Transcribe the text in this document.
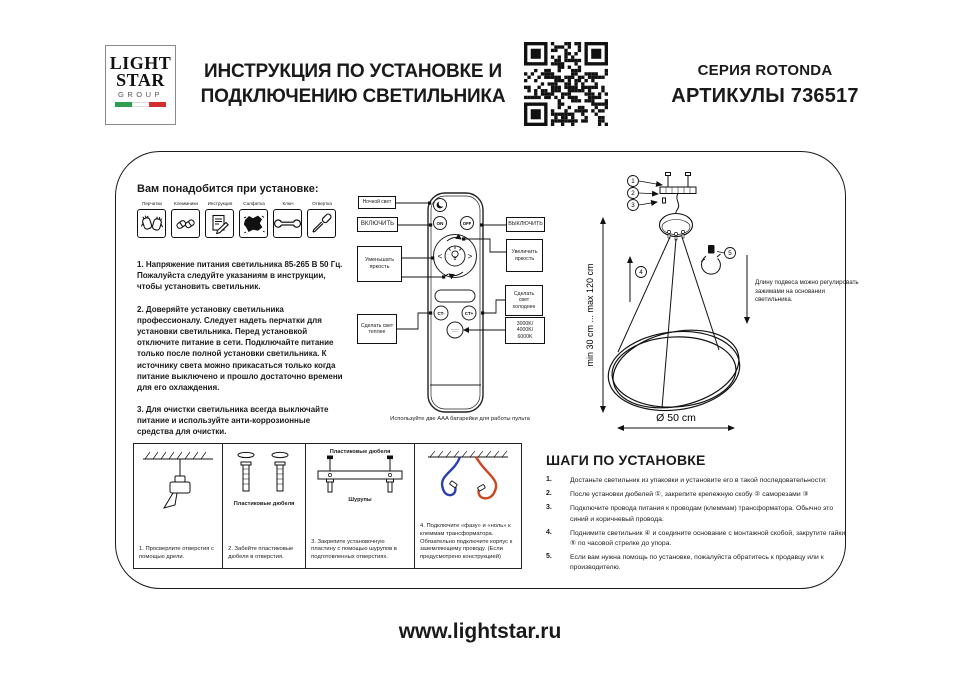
LIGHT
STAR
GROUP
ИНСТРУКЦИЯ ПО УСТАНОВКЕ И
ПОДКЛЮЧЕНИЮ СВЕТИЛЬНИКА
СЕРИЯ ROTONDA
АРТИКУЛЫ 736517
Вам понадобится при установке:
Перчатки	Клеммники	Инструкция	Салфетка	Ключ	Отвертка

1. Напряжение питания светильника 85-265 В 50 Гц. Пожалуйста следуйте указаниям в инструкции, чтобы установить светильник.

2. Доверяйте установку светильника профессионалу. Следует надеть перчатки для установки светильника. Перед установкой отключите питание в сети. Подключайте питание только после полной установки светильника. К источнику света можно прикасаться только когда питание выключено и прошло достаточно времени для его охлаждения.

3. Для очистки светильника всегда выключайте питание и используйте анти-коррозионные средства для очистки.

ON	OFF
<	>
CT-	CT+
Ночной свет
ВКЛЮЧИТЬ
Уменьшать яркость
Сделать свет теплее
ВЫКЛЮЧИТЬ
Увеличить яркость
Сделать свет холоднее
3000K/
4000K/
6000K
Используйте две AAA батарейки для работы пульта
min 30 cm ... max 120 cm
1
2
3
4
5
Ø 50 cm
Длину подвеса можно регулировать зажимами на основании светильника.
1. Просверлите отверстия с помощью дрели.
Пластиковые дюбеля
2. Забейте пластиковые дюбеля в отверстия.
Пластиковые дюбеля
Шурупы
3. Закрепите установочную пластину с помощью шурупов в подготовленных отверстиях.
4. Подключите «фазу» и «ноль» к клеммам трансформатора. Обязательно подключите корпус к заземляющему проводу. (Если предусмотрено конструкцией)
ШАГИ ПО УСТАНОВКЕ
1.	Достаньте светильник из упаковки и установите его в такой последовательности:
2.	После установки дюбелей ①, закрепите крепежную скобу ② саморезами ③
3.	Подключите провода питания к проводам (клеммам) трансформатора. Обычно это синий и коричневый провода.
4.	Поднимите светильник ④ и соедините основание с монтажной скобой, закрутите гайки ⑤ по часовой стрелке до упора.
5.	Если вам нужна помощь по установке, пожалуйста обратитесь к продавцу или к производителю.
www.lightstar.ru
